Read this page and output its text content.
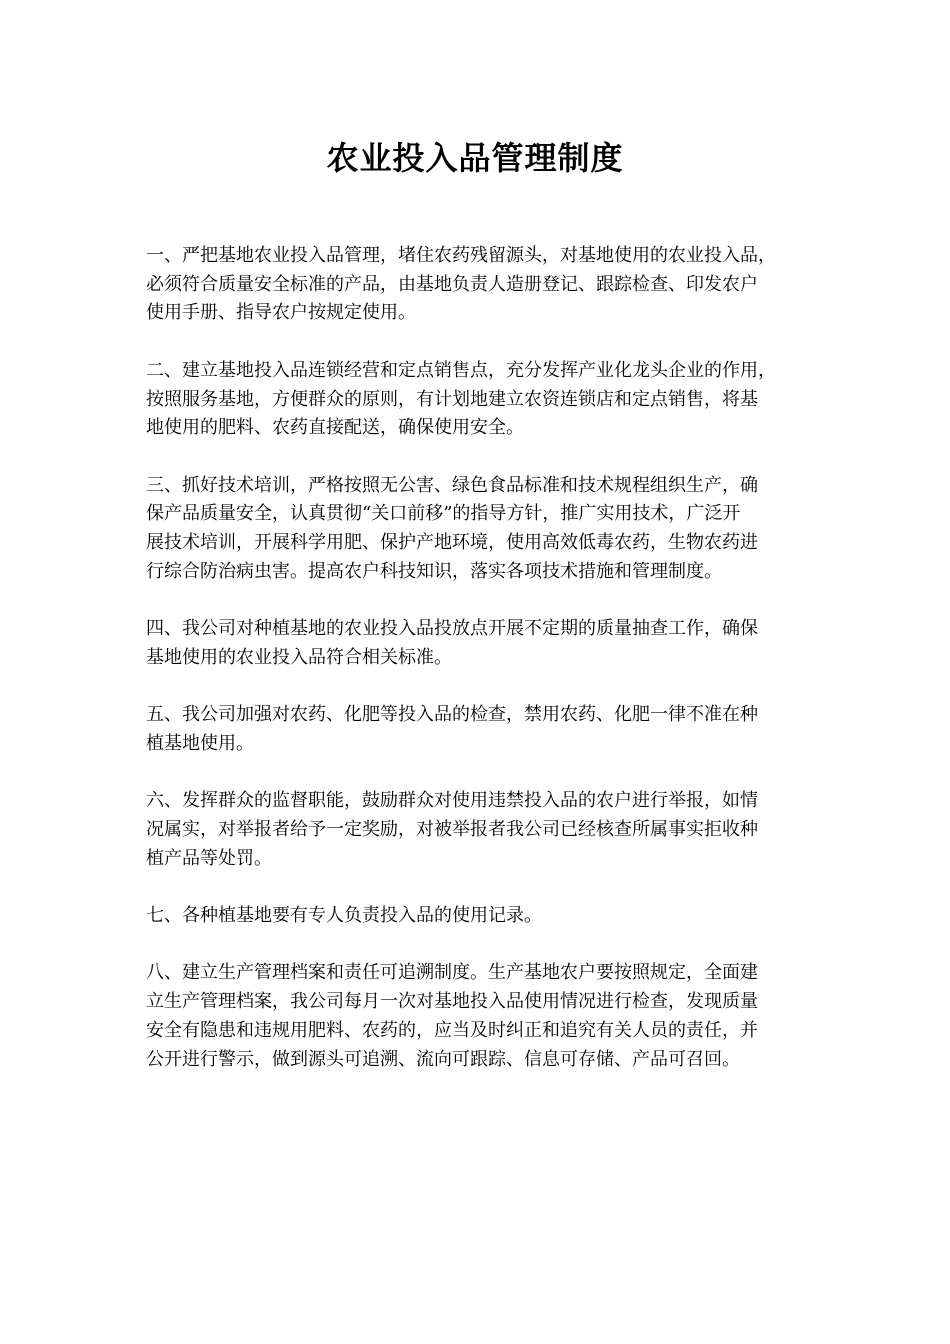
农业投入品管理制度

一、严把基地农业投入品管理，堵住农药残留源头，对基地使用的农业投入品，
必须符合质量安全标准的产品，由基地负责人造册登记、跟踪检查、印发农户
使用手册、指导农户按规定使用。

二、建立基地投入品连锁经营和定点销售点，充分发挥产业化龙头企业的作用，
按照服务基地，方便群众的原则，有计划地建立农资连锁店和定点销售，将基
地使用的肥料、农药直接配送，确保使用安全。

三、抓好技术培训，严格按照无公害、绿色食品标准和技术规程组织生产，确
保产品质量安全，认真贯彻“关口前移”的指导方针，推广实用技术，广泛开
展技术培训，开展科学用肥、保护产地环境，使用高效低毒农药，生物农药进
行综合防治病虫害。提高农户科技知识，落实各项技术措施和管理制度。

四、我公司对种植基地的农业投入品投放点开展不定期的质量抽查工作，确保
基地使用的农业投入品符合相关标准。

五、我公司加强对农药、化肥等投入品的检查，禁用农药、化肥一律不准在种
植基地使用。

六、发挥群众的监督职能，鼓励群众对使用违禁投入品的农户进行举报，如情
况属实，对举报者给予一定奖励，对被举报者我公司已经核查所属事实拒收种
植产品等处罚。

七、各种植基地要有专人负责投入品的使用记录。

八、建立生产管理档案和责任可追溯制度。生产基地农户要按照规定，全面建
立生产管理档案，我公司每月一次对基地投入品使用情况进行检查，发现质量
安全有隐患和违规用肥料、农药的，应当及时纠正和追究有关人员的责任，并
公开进行警示，做到源头可追溯、流向可跟踪、信息可存储、产品可召回。
